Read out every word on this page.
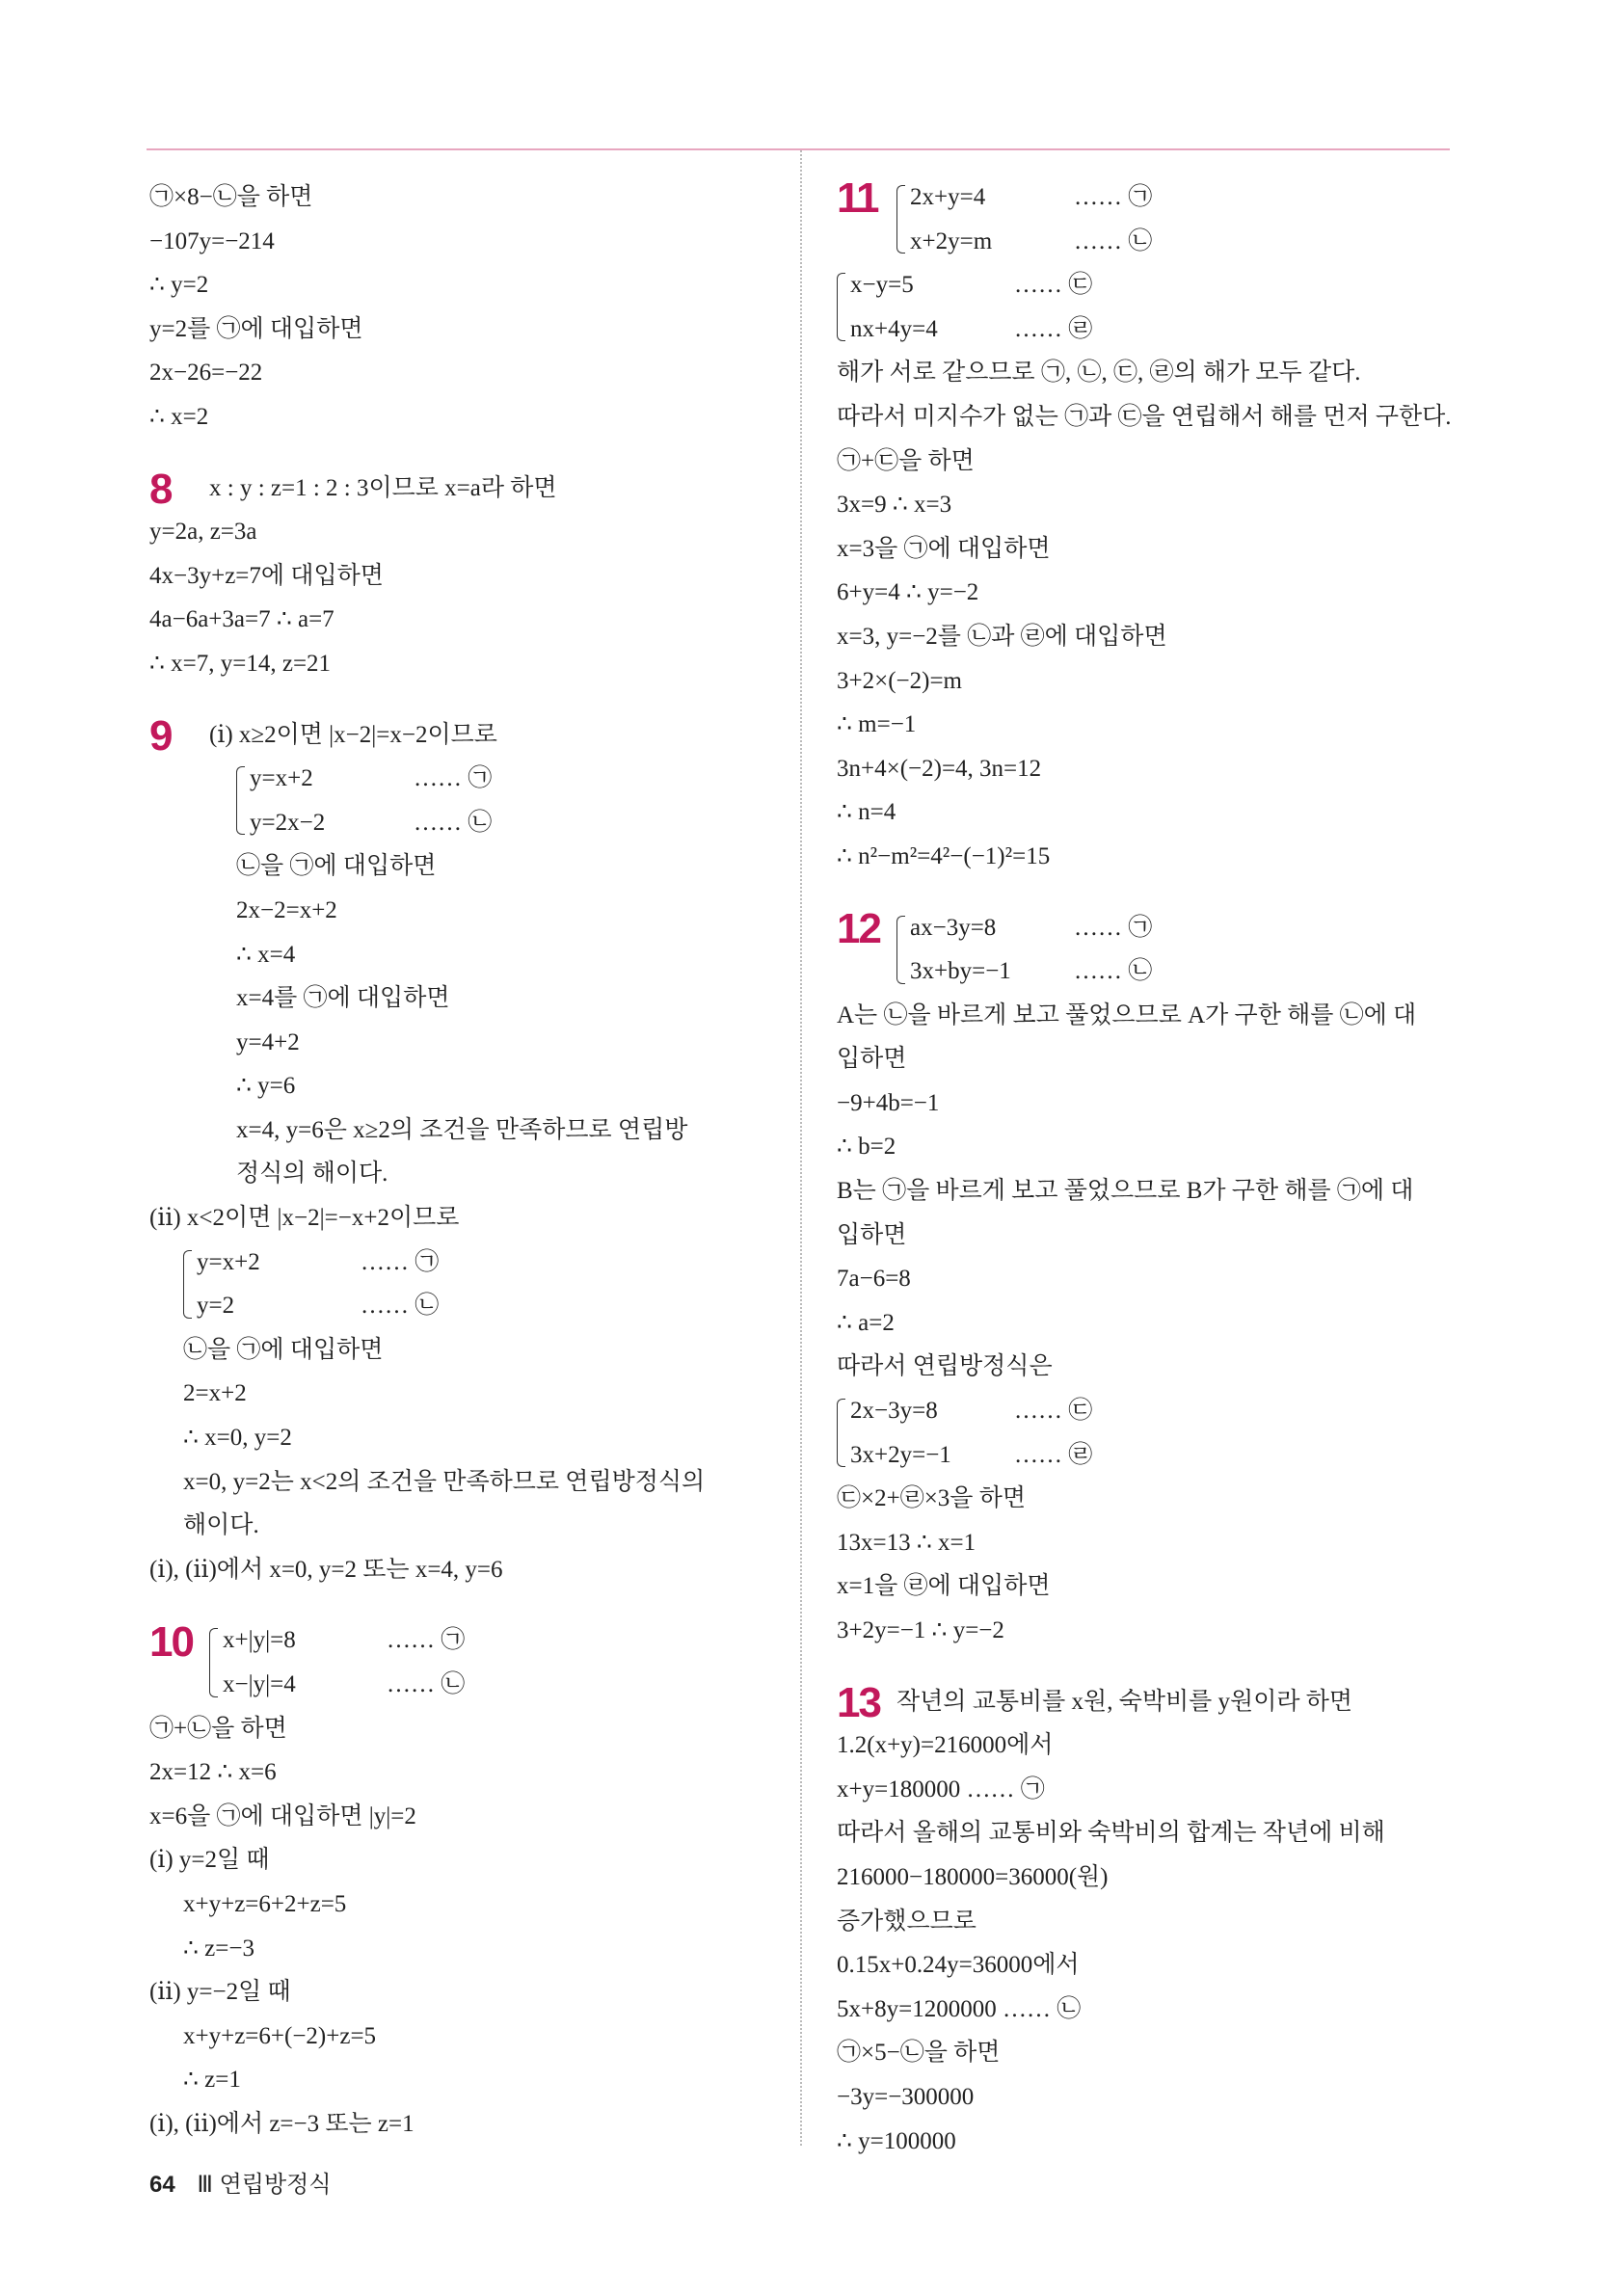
㉠×8−㉡을 하면
−107y=−214
∴ y=2
y=2를 ㉠에 대입하면
2x−26=−22
∴ x=2
8 x : y : z=1 : 2 : 3이므로 x=a라 하면
y=2a, z=3a
4x−3y+z=7에 대입하면
4a−6a+3a=7 ∴ a=7
∴ x=7, y=14, z=21
9 (ⅰ) x≥2이면 |x−2|=x−2이므로
y=x+2	…… ㉠
y=2x−2	…… ㉡
㉡을 ㉠에 대입하면
2x−2=x+2
∴ x=4
x=4를 ㉠에 대입하면
y=4+2
∴ y=6
x=4, y=6은 x≥2의 조건을 만족하므로 연립방
정식의 해이다.
(ⅱ) x<2이면 |x−2|=−x+2이므로
y=x+2	…… ㉠
y=2	…… ㉡
㉡을 ㉠에 대입하면
2=x+2
∴ x=0, y=2
x=0, y=2는 x<2의 조건을 만족하므로 연립방정식의
해이다.
(ⅰ), (ⅱ)에서 x=0, y=2 또는 x=4, y=6
10 x+|y|=8	…… ㉠
x−|y|=4	…… ㉡
㉠+㉡을 하면
2x=12 ∴ x=6
x=6을 ㉠에 대입하면 |y|=2
(ⅰ) y=2일 때
x+y+z=6+2+z=5
∴ z=−3
(ⅱ) y=−2일 때
x+y+z=6+(−2)+z=5
∴ z=1
(ⅰ), (ⅱ)에서 z=−3 또는 z=1
11 2x+y=4	…… ㉠
x+2y=m	…… ㉡
x−y=5	…… ㉢
nx+4y=4	…… ㉣
해가 서로 같으므로 ㉠, ㉡, ㉢, ㉣의 해가 모두 같다.
따라서 미지수가 없는 ㉠과 ㉢을 연립해서 해를 먼저 구한다.
㉠+㉢을 하면
3x=9 ∴ x=3
x=3을 ㉠에 대입하면
6+y=4 ∴ y=−2
x=3, y=−2를 ㉡과 ㉣에 대입하면
3+2×(−2)=m
∴ m=−1
3n+4×(−2)=4, 3n=12
∴ n=4
∴ n²−m²=4²−(−1)²=15
12 ax−3y=8	…… ㉠
3x+by=−1	…… ㉡
A는 ㉡을 바르게 보고 풀었으므로 A가 구한 해를 ㉡에 대
입하면
−9+4b=−1
∴ b=2
B는 ㉠을 바르게 보고 풀었으므로 B가 구한 해를 ㉠에 대
입하면
7a−6=8
∴ a=2
따라서 연립방정식은
2x−3y=8	…… ㉢
3x+2y=−1	…… ㉣
㉢×2+㉣×3을 하면
13x=13 ∴ x=1
x=1을 ㉣에 대입하면
3+2y=−1 ∴ y=−2
13 작년의 교통비를 x원, 숙박비를 y원이라 하면
1.2(x+y)=216000에서
x+y=180000 …… ㉠
따라서 올해의 교통비와 숙박비의 합계는 작년에 비해
216000−180000=36000(원)
증가했으므로
0.15x+0.24y=36000에서
5x+8y=1200000 …… ㉡
㉠×5−㉡을 하면
−3y=−300000
∴ y=100000
64 Ⅲ 연립방정식
